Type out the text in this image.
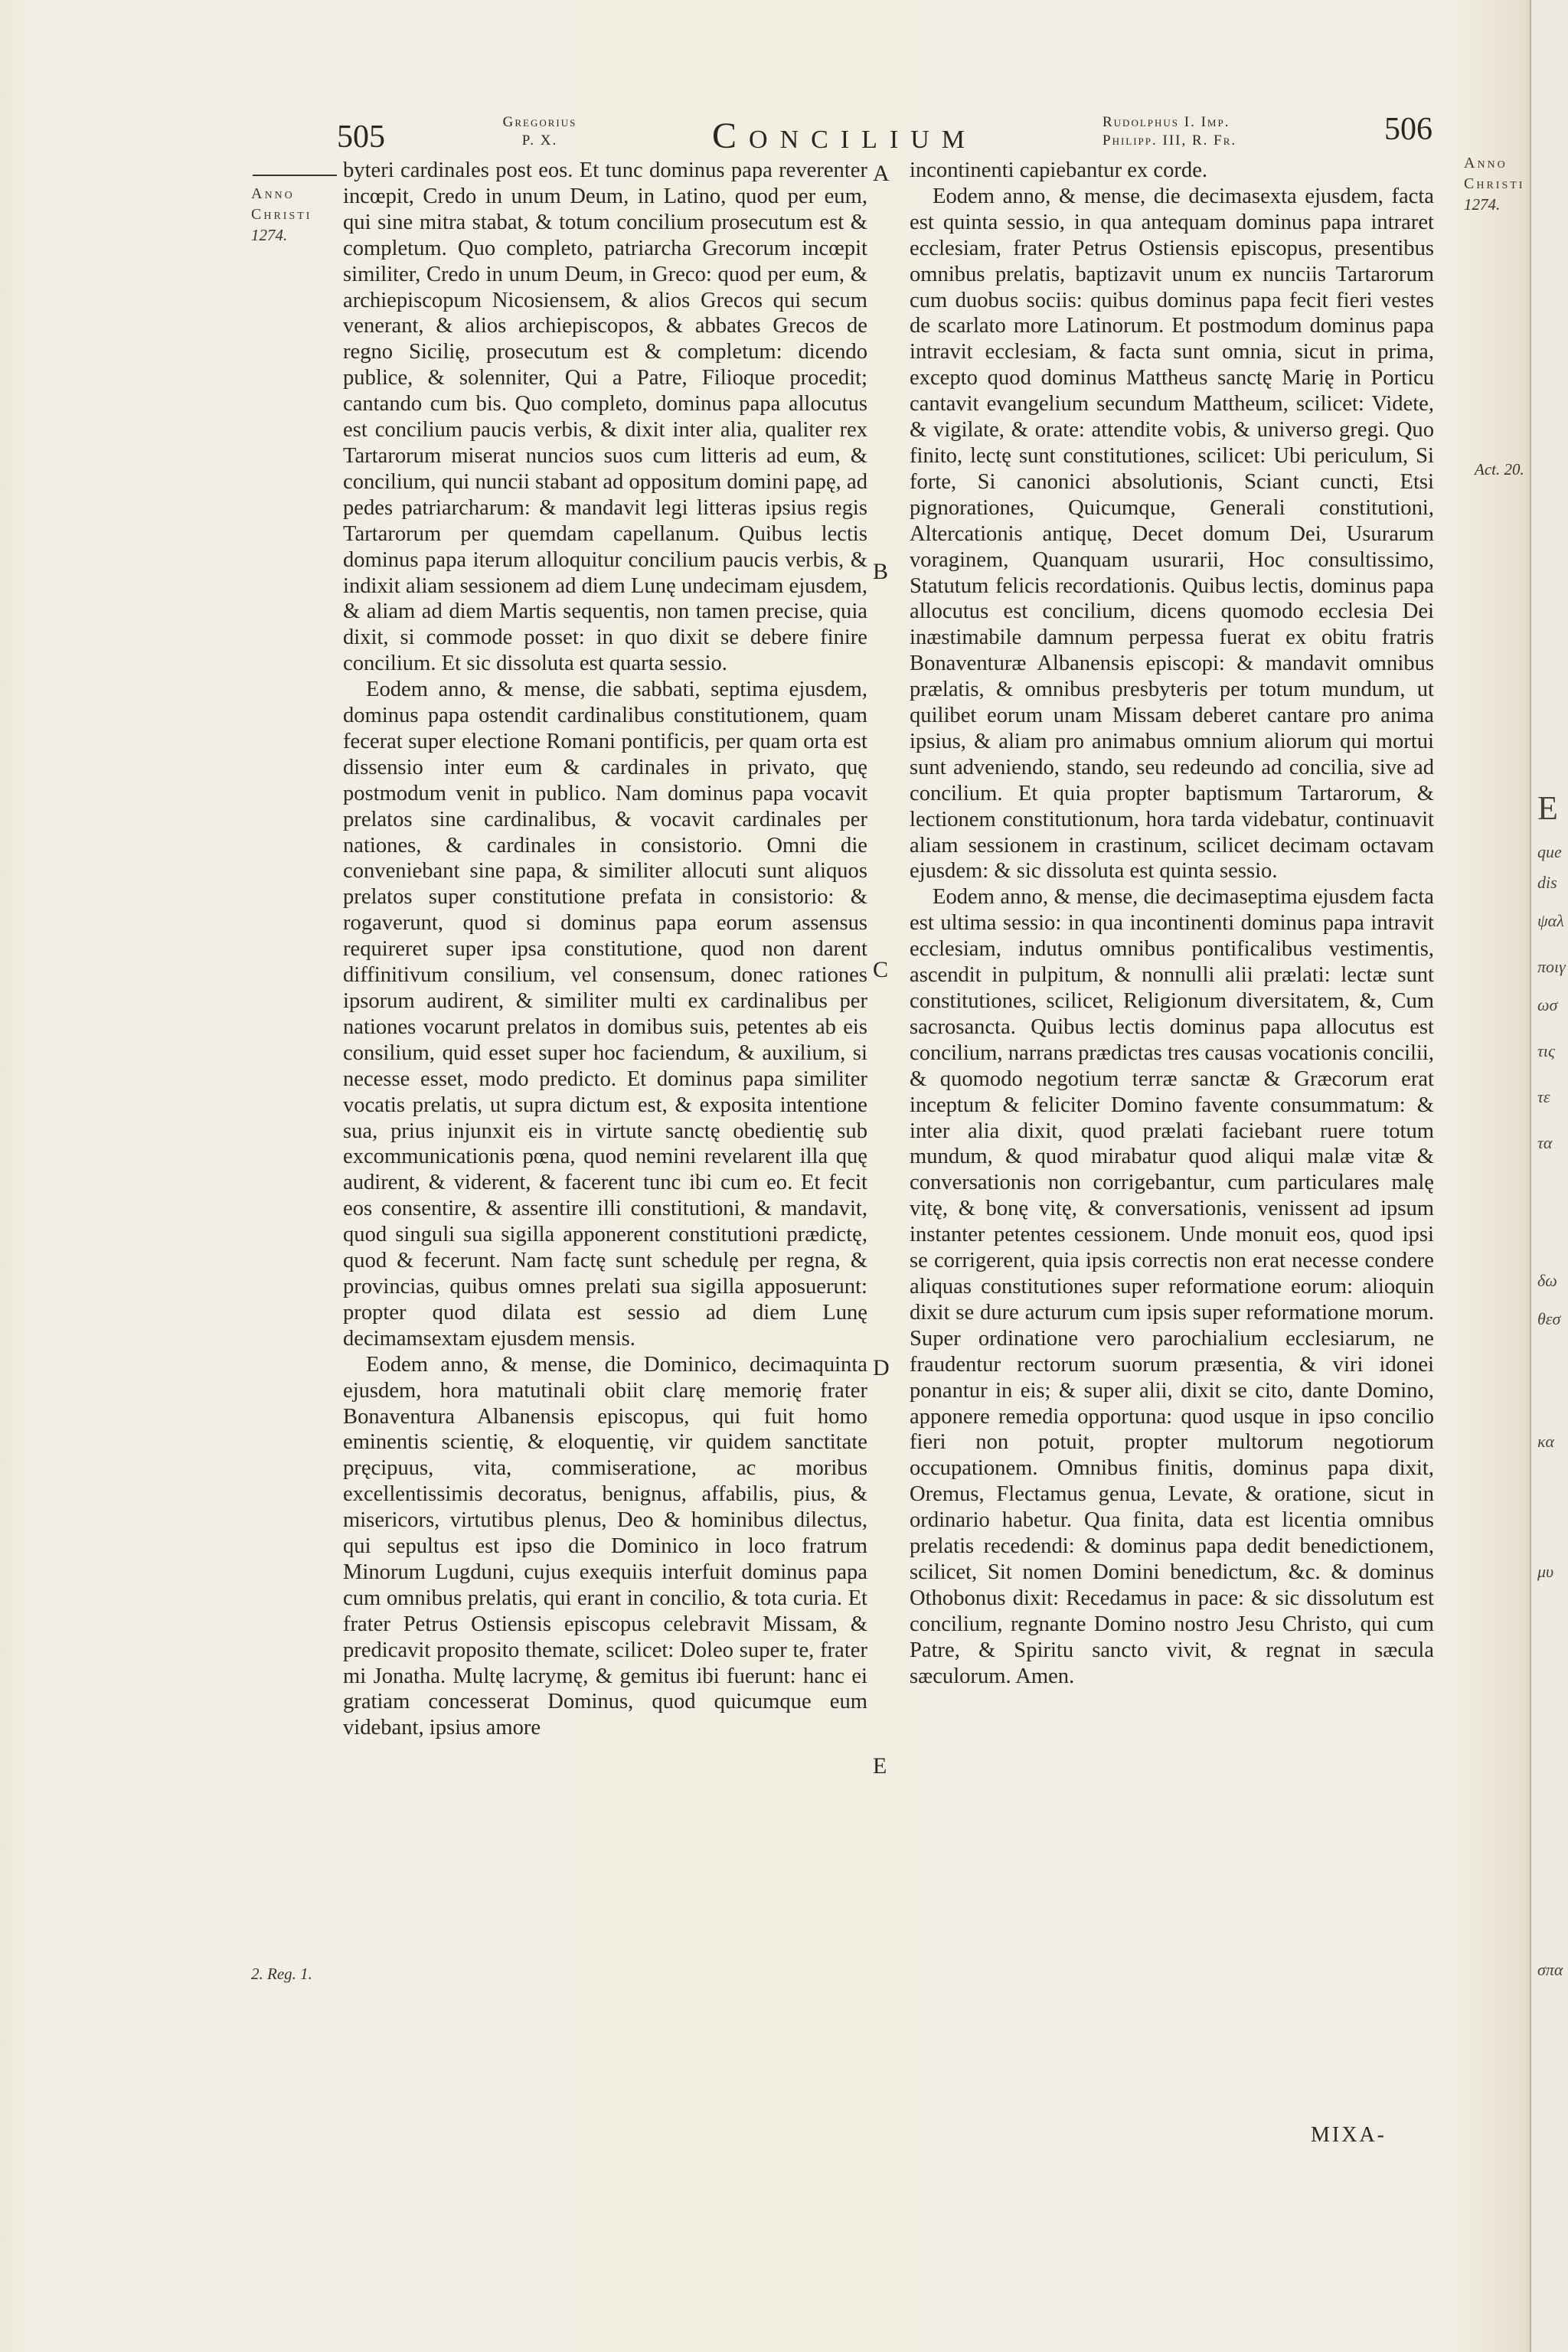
505	506
Gregorius
P. X.	Concilium	Rudolphus I. Imp.
Philipp. III, R. Fr.
Anno
Christi
1274.
2. Reg. 1.
Anno
Christi
1274.
Act. 20.
A
B
C
D
E

byteri cardinales post eos. Et tunc dominus papa reverenter incœpit, Credo in unum Deum, in Latino, quod per eum, qui sine mitra stabat, & totum concilium prosecutum est & completum. Quo completo, patriarcha Grecorum incœpit similiter, Credo in unum Deum, in Greco: quod per eum, & archiepiscopum Nicosiensem, & alios Grecos qui secum venerant, & alios archiepiscopos, & abbates Grecos de regno Sicilię, prosecutum est & completum: dicendo publice, & solenniter, Qui a Patre, Filioque procedit; cantando cum bis. Quo completo, dominus papa allocutus est concilium paucis verbis, & dixit inter alia, qualiter rex Tartarorum miserat nuncios suos cum litteris ad eum, & concilium, qui nuncii stabant ad oppositum domini papę, ad pedes patriarcharum: & mandavit legi litteras ipsius regis Tartarorum per quemdam capellanum. Quibus lectis dominus papa iterum alloquitur concilium paucis verbis, & indixit aliam sessionem ad diem Lunę undecimam ejusdem, & aliam ad diem Martis sequentis, non tamen precise, quia dixit, si commode posset: in quo dixit se debere finire concilium. Et sic dissoluta est quarta sessio.

Eodem anno, & mense, die sabbati, septima ejusdem, dominus papa ostendit cardinalibus constitutionem, quam fecerat super electione Romani pontificis, per quam orta est dissensio inter eum & cardinales in privato, quę postmodum venit in publico. Nam dominus papa vocavit prelatos sine cardinalibus, & vocavit cardinales per nationes, & cardinales in consistorio. Omni die conveniebant sine papa, & similiter allocuti sunt aliquos prelatos super constitutione prefata in consistorio: & rogaverunt, quod si dominus papa eorum assensus requireret super ipsa constitutione, quod non darent diffinitivum consilium, vel consensum, donec rationes ipsorum audirent, & similiter multi ex cardinalibus per nationes vocarunt prelatos in domibus suis, petentes ab eis consilium, quid esset super hoc faciendum, & auxilium, si necesse esset, modo predicto. Et dominus papa similiter vocatis prelatis, ut supra dictum est, & exposita intentione sua, prius injunxit eis in virtute sanctę obedientię sub excommunicationis pœna, quod nemini revelarent illa quę audirent, & viderent, & facerent tunc ibi cum eo. Et fecit eos consentire, & assentire illi constitutioni, & mandavit, quod singuli sua sigilla apponerent constitutioni prædictę, quod & fecerunt. Nam factę sunt schedulę per regna, & provincias, quibus omnes prelati sua sigilla apposuerunt: propter quod dilata est sessio ad diem Lunę decimamsextam ejusdem mensis.

Eodem anno, & mense, die Dominico, decimaquinta ejusdem, hora matutinali obiit clarę memorię frater Bonaventura Albanensis episcopus, qui fuit homo eminentis scientię, & eloquentię, vir quidem sanctitate pręcipuus, vita, commiseratione, ac moribus excellentissimis decoratus, benignus, affabilis, pius, & misericors, virtutibus plenus, Deo & hominibus dilectus, qui sepultus est ipso die Dominico in loco fratrum Minorum Lugduni, cujus exequiis interfuit dominus papa cum omnibus prelatis, qui erant in concilio, & tota curia. Et frater Petrus Ostiensis episcopus celebravit Missam, & predicavit proposito themate, scilicet: Doleo super te, frater mi Jonatha. Multę lacrymę, & gemitus ibi fuerunt: hanc ei gratiam concesserat Dominus, quod quicumque eum videbant, ipsius amore

incontinenti capiebantur ex corde.

Eodem anno, & mense, die decimasexta ejusdem, facta est quinta sessio, in qua antequam dominus papa intraret ecclesiam, frater Petrus Ostiensis episcopus, presentibus omnibus prelatis, baptizavit unum ex nunciis Tartarorum cum duobus sociis: quibus dominus papa fecit fieri vestes de scarlato more Latinorum. Et postmodum dominus papa intravit ecclesiam, & facta sunt omnia, sicut in prima, excepto quod dominus Mattheus sanctę Marię in Porticu cantavit evangelium secundum Mattheum, scilicet: Videte, & vigilate, & orate: attendite vobis, & universo gregi. Quo finito, lectę sunt constitutiones, scilicet: Ubi periculum, Si forte, Si canonici absolutionis, Sciant cuncti, Etsi pignorationes, Quicumque, Generali constitutioni, Altercationis antiquę, Decet domum Dei, Usurarum voraginem, Quanquam usurarii, Hoc consultissimo, Statutum felicis recordationis. Quibus lectis, dominus papa allocutus est concilium, dicens quomodo ecclesia Dei inæstimabile damnum perpessa fuerat ex obitu fratris Bonaventuræ Albanensis episcopi: & mandavit omnibus prælatis, & omnibus presbyteris per totum mundum, ut quilibet eorum unam Missam deberet cantare pro anima ipsius, & aliam pro animabus omnium aliorum qui mortui sunt adveniendo, stando, seu redeundo ad concilia, sive ad concilium. Et quia propter baptismum Tartarorum, & lectionem constitutionum, hora tarda videbatur, continuavit aliam sessionem in crastinum, scilicet decimam octavam ejusdem: & sic dissoluta est quinta sessio.

Eodem anno, & mense, die decimaseptima ejusdem facta est ultima sessio: in qua incontinenti dominus papa intravit ecclesiam, indutus omnibus pontificalibus vestimentis, ascendit in pulpitum, & nonnulli alii prælati: lectæ sunt constitutiones, scilicet, Religionum diversitatem, &, Cum sacrosancta. Quibus lectis dominus papa allocutus est concilium, narrans prædictas tres causas vocationis concilii, & quomodo negotium terræ sanctæ & Græcorum erat inceptum & feliciter Domino favente consummatum: & inter alia dixit, quod prælati faciebant ruere totum mundum, & quod mirabatur quod aliqui malæ vitæ & conversationis non corrigebantur, cum particulares malę vitę, & bonę vitę, & conversationis, venissent ad ipsum instanter petentes cessionem. Unde monuit eos, quod ipsi se corrigerent, quia ipsis correctis non erat necesse condere aliquas constitutiones super reformatione eorum: alioquin dixit se dure acturum cum ipsis super reformatione morum. Super ordinatione vero parochialium ecclesiarum, ne fraudentur rectorum suorum præsentia, & viri idonei ponantur in eis; & super alii, dixit se cito, dante Domino, apponere remedia opportuna: quod usque in ipso concilio fieri non potuit, propter multorum negotiorum occupationem. Omnibus finitis, dominus papa dixit, Oremus, Flectamus genua, Levate, & oratione, sicut in ordinario habetur. Qua finita, data est licentia omnibus prelatis recedendi: & dominus papa dedit benedictionem, scilicet, Sit nomen Domini benedictum, &c. & dominus Othobonus dixit: Recedamus in pace: & sic dissolutum est concilium, regnante Domino nostro Jesu Christo, qui cum Patre, & Spiritu sancto vivit, & regnat in sæcula sæculorum. Amen.

MIXA-
E
que
dis
ψαλ
ποιγ
ωσ
τις
τε
τα
δω
θεσ
κα
μυ
σπα
